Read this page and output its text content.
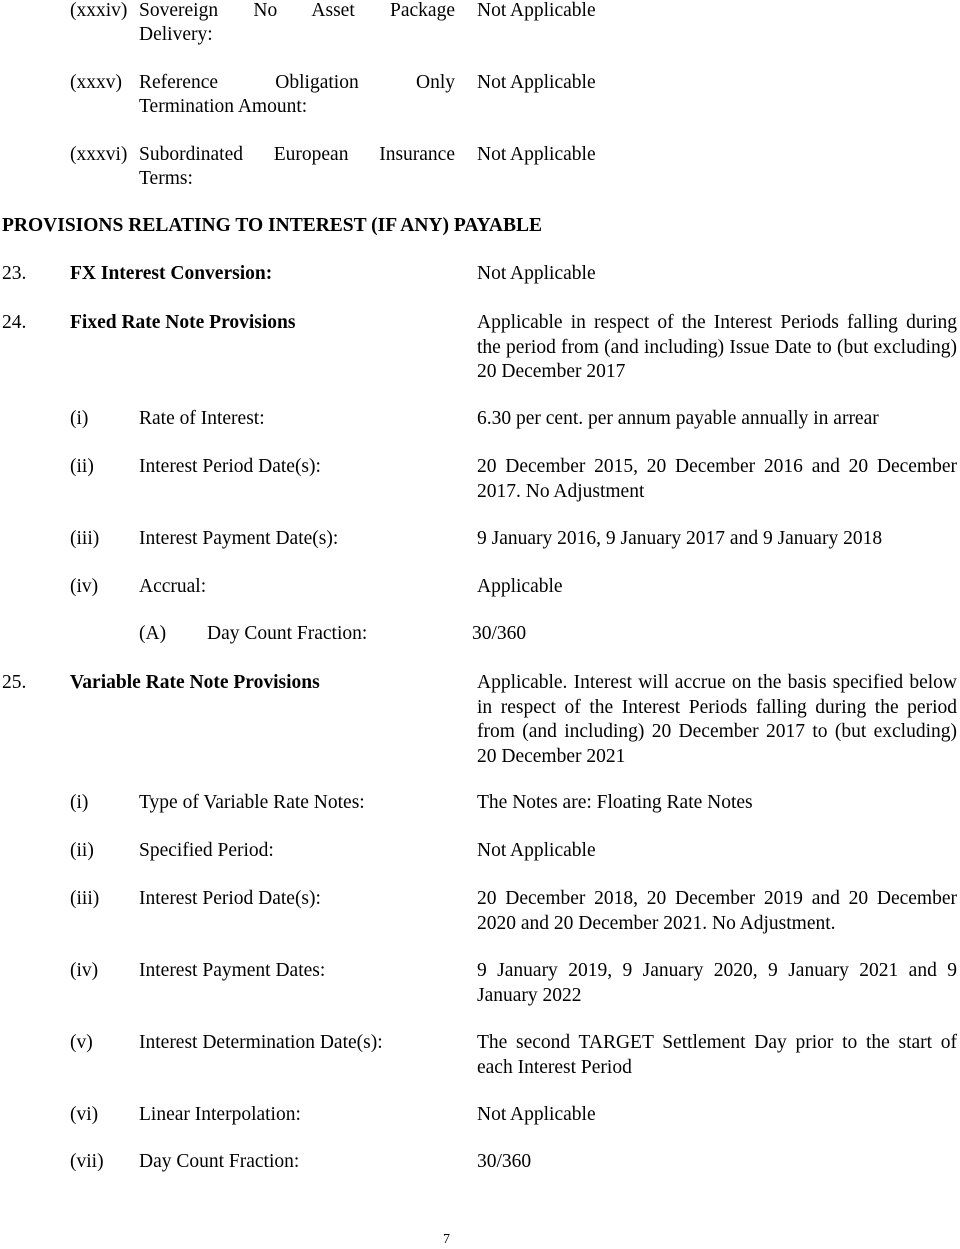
(xxxiv) Sovereign No Asset Package
Delivery:
Not Applicable
(xxxv) Reference Obligation Only
Termination Amount:
Not Applicable
(xxxvi) Subordinated European Insurance
Terms:
Not Applicable
PROVISIONS RELATING TO INTEREST (IF ANY) PAYABLE
23. FX Interest Conversion:	Not Applicable
24. Fixed Rate Note Provisions	Applicable in respect of the Interest Periods falling during the period from (and including) Issue Date to (but excluding) 20 December 2017
(i)	Rate of Interest:	6.30 per cent. per annum payable annually in arrear
(ii) Interest Period Date(s):	20 December 2015, 20 December 2016 and 20 December 2017. No Adjustment
(iii) Interest Payment Date(s):	9 January 2016, 9 January 2017 and 9 January 2018
(iv) Accrual:	Applicable
(A) Day Count Fraction:	30/360
25. Variable Rate Note Provisions	Applicable. Interest will accrue on the basis specified below in respect of the Interest Periods falling during the period from (and including) 20 December 2017 to (but excluding) 20 December 2021
(i)	Type of Variable Rate Notes:	The Notes are: Floating Rate Notes
(ii) Specified Period:	Not Applicable
(iii) Interest Period Date(s):	20 December 2018, 20 December 2019 and 20 December 2020 and 20 December 2021. No Adjustment.
(iv) Interest Payment Dates:	9 January 2019, 9 January 2020, 9 January 2021 and 9 January 2022
(v) Interest Determination Date(s):	The second TARGET Settlement Day prior to the start of each Interest Period
(vi) Linear Interpolation:	Not Applicable
(vii) Day Count Fraction:	30/360
7
